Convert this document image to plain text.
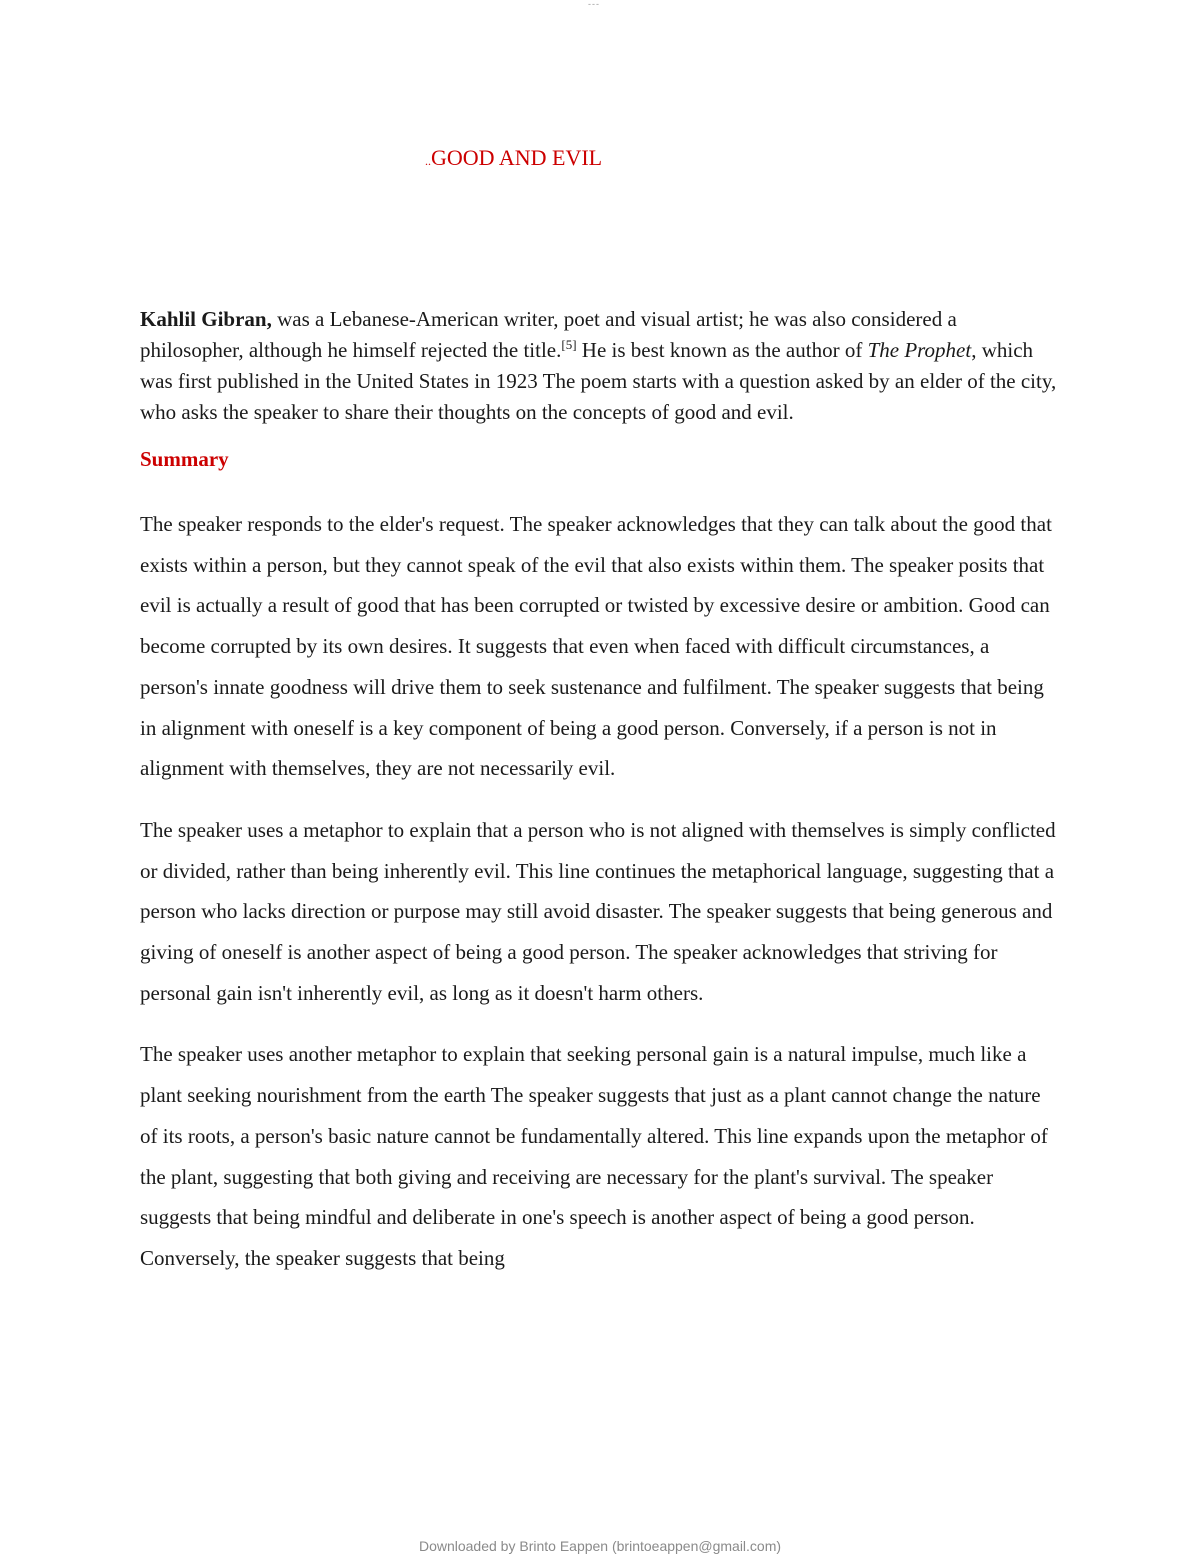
---
..GOOD AND EVIL

Kahlil Gibran, was a Lebanese-American writer, poet and visual artist; he was also considered a philosopher, although he himself rejected the title.[5] He is best known as the author of The Prophet, which was first published in the United States in 1923 The poem starts with a question asked by an elder of the city, who asks the speaker to share their thoughts on the concepts of good and evil.

Summary

The speaker responds to the elder's request. The speaker acknowledges that they can talk about the good that exists within a person, but they cannot speak of the evil that also exists within them. The speaker posits that evil is actually a result of good that has been corrupted or twisted by excessive desire or ambition. Good can become corrupted by its own desires. It suggests that even when faced with difficult circumstances, a person's innate goodness will drive them to seek sustenance and fulfilment. The speaker suggests that being in alignment with oneself is a key component of being a good person. Conversely, if a person is not in alignment with themselves, they are not necessarily evil.

The speaker uses a metaphor to explain that a person who is not aligned with themselves is simply conflicted or divided, rather than being inherently evil. This line continues the metaphorical language, suggesting that a person who lacks direction or purpose may still avoid disaster. The speaker suggests that being generous and giving of oneself is another aspect of being a good person. The speaker acknowledges that striving for personal gain isn't inherently evil, as long as it doesn't harm others.

The speaker uses another metaphor to explain that seeking personal gain is a natural impulse, much like a plant seeking nourishment from the earth The speaker suggests that just as a plant cannot change the nature of its roots, a person's basic nature cannot be fundamentally altered. This line expands upon the metaphor of the plant, suggesting that both giving and receiving are necessary for the plant's survival. The speaker suggests that being mindful and deliberate in one's speech is another aspect of being a good person. Conversely, the speaker suggests that being

Downloaded by Brinto Eappen (brintoeappen@gmail.com)
